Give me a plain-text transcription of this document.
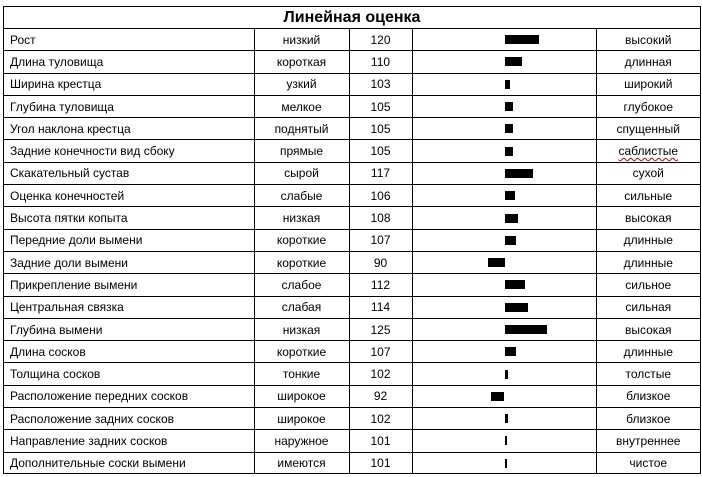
Линейная оценка
Рост	низкий	120		высокий
Длина туловища	короткая	110		длинная
Ширина крестца	узкий	103		широкий
Глубина туловища	мелкое	105		глубокое
Угол наклона крестца	поднятый	105		спущенный
Задние конечности вид сбоку	прямые	105		саблистые
Скакательный сустав	сырой	117		сухой
Оценка конечностей	слабые	106		сильные
Высота пятки копыта	низкая	108		высокая
Передние доли вымени	короткие	107		длинные
Задние доли вымени	короткие	90		длинные
Прикрепление вымени	слабое	112		сильное
Центральная связка	слабая	114		сильная
Глубина вымени	низкая	125		высокая
Длина сосков	короткие	107		длинные
Толщина сосков	тонкие	102		толстые
Расположение передних сосков	широкое	92		близкое
Расположение задних сосков	широкое	102		близкое
Направление задних сосков	наружное	101		внутреннее
Дополнительные соски вымени	имеются	101		чистое
